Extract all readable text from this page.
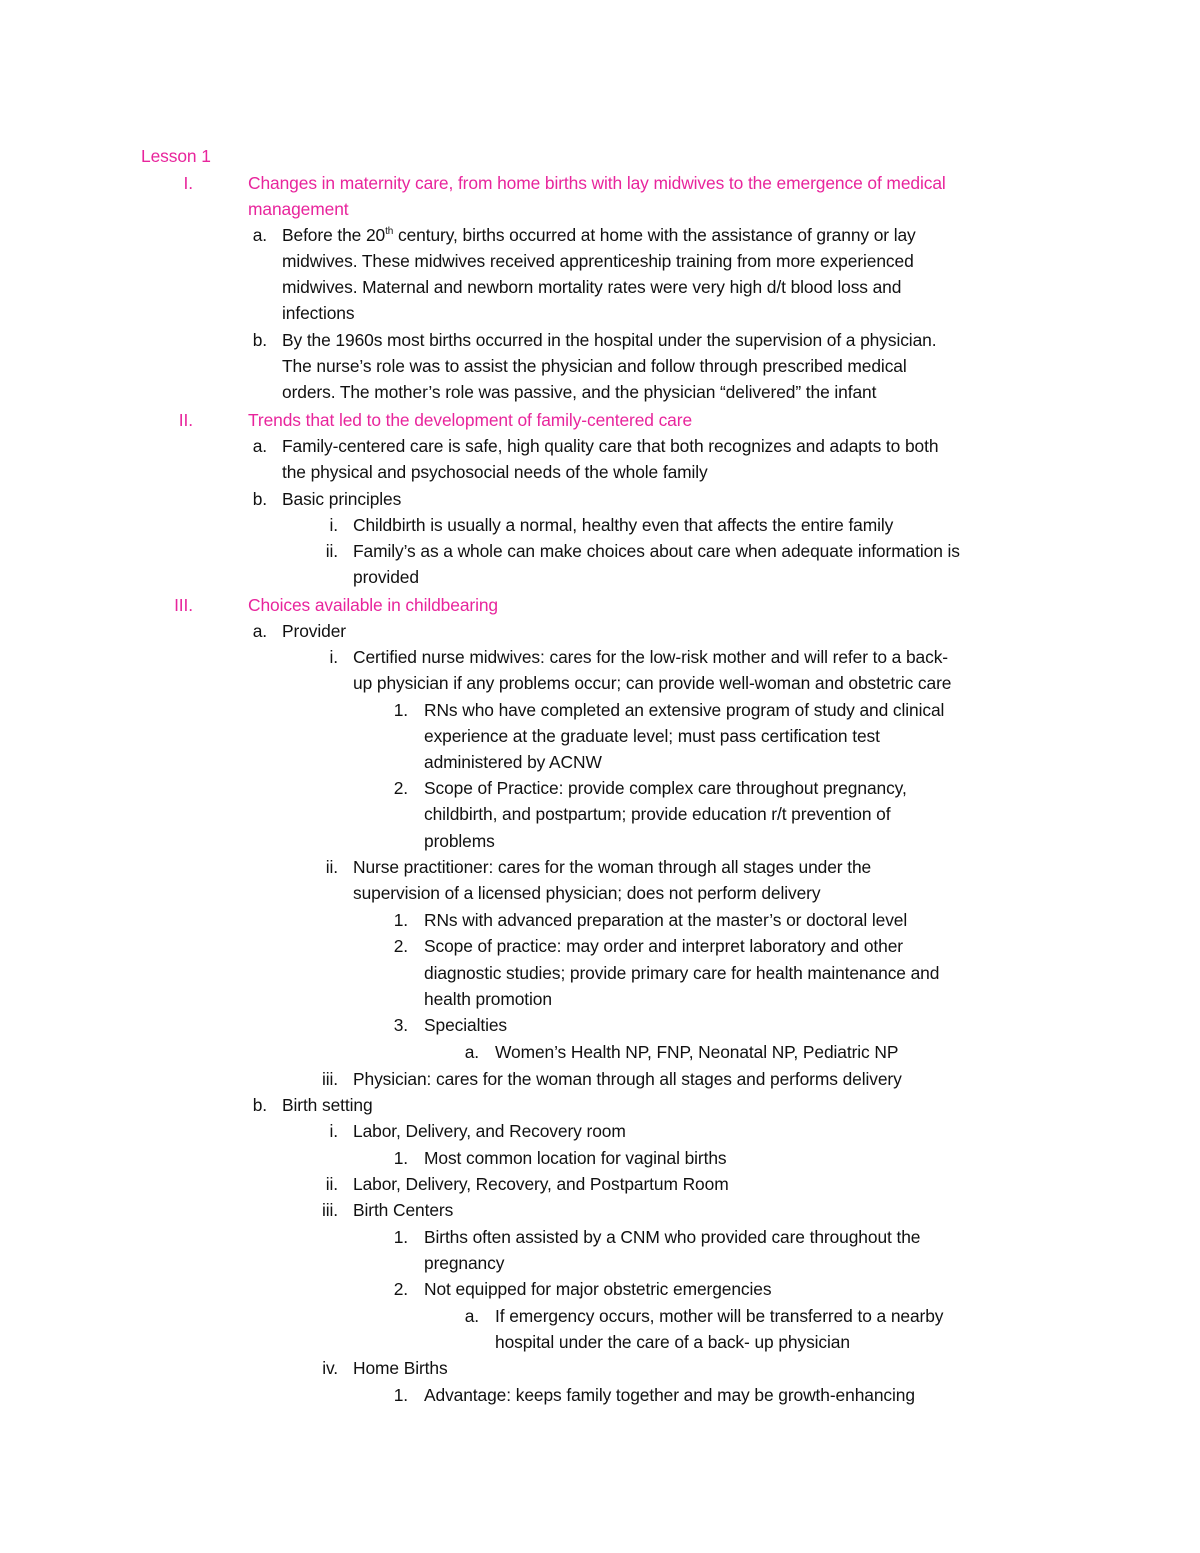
Lesson 1
I.	Changes in maternity care, from home births with lay midwives to the emergence of medical
management
a. Before the 20th century, births occurred at home with the assistance of granny or lay
midwives. These midwives received apprenticeship training from more experienced
midwives. Maternal and newborn mortality rates were very high d/t blood loss and
infections
b. By the 1960s most births occurred in the hospital under the supervision of a physician.
The nurse’s role was to assist the physician and follow through prescribed medical
orders. The mother’s role was passive, and the physician “delivered” the infant
II.	Trends that led to the development of family-centered care
a. Family-centered care is safe, high quality care that both recognizes and adapts to both
the physical and psychosocial needs of the whole family
b. Basic principles
i. Childbirth is usually a normal, healthy even that affects the entire family
ii. Family’s as a whole can make choices about care when adequate information is
provided
III.	Choices available in childbearing
a. Provider
i. Certified nurse midwives: cares for the low-risk mother and will refer to a back-
up physician if any problems occur; can provide well-woman and obstetric care
1. RNs who have completed an extensive program of study and clinical
experience at the graduate level; must pass certification test
administered by ACNW
2. Scope of Practice: provide complex care throughout pregnancy,
childbirth, and postpartum; provide education r/t prevention of
problems
ii. Nurse practitioner: cares for the woman through all stages under the
supervision of a licensed physician; does not perform delivery
1. RNs with advanced preparation at the master’s or doctoral level
2. Scope of practice: may order and interpret laboratory and other
diagnostic studies; provide primary care for health maintenance and
health promotion
3. Specialties
a. Women’s Health NP, FNP, Neonatal NP, Pediatric NP
iii. Physician: cares for the woman through all stages and performs delivery
b. Birth setting
i. Labor, Delivery, and Recovery room
1. Most common location for vaginal births
ii. Labor, Delivery, Recovery, and Postpartum Room
iii. Birth Centers
1. Births often assisted by a CNM who provided care throughout the
pregnancy
2. Not equipped for major obstetric emergencies
a. If emergency occurs, mother will be transferred to a nearby
hospital under the care of a back- up physician
iv. Home Births
1. Advantage: keeps family together and may be growth-enhancing
